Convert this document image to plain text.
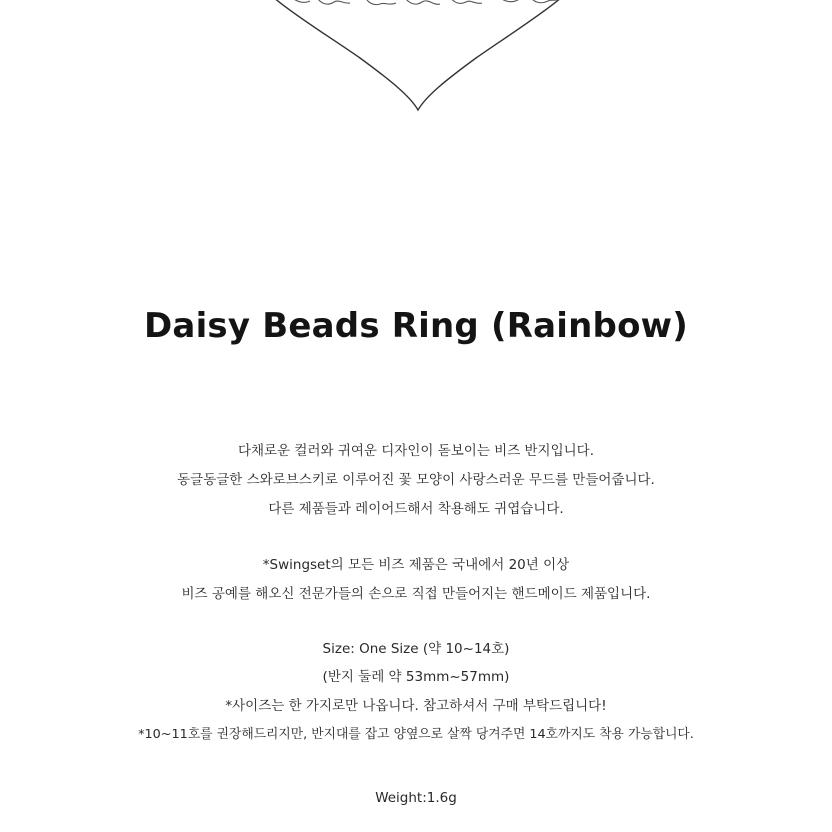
Daisy Beads Ring (Rainbow)
다채로운 컬러와 귀여운 디자인이 돋보이는 비즈 반지입니다.
동글동글한 스와로브스키로 이루어진 꽃 모양이 사랑스러운 무드를 만들어줍니다.
다른 제품들과 레이어드해서 착용해도 귀엽습니다.
*Swingset의 모든 비즈 제품은 국내에서 20년 이상
비즈 공예를 해오신 전문가들의 손으로 직접 만들어지는 핸드메이드 제품입니다.
Size: One Size (약 10~14호)
(반지 둘레 약 53mm~57mm)
*사이즈는 한 가지로만 나옵니다. 참고하셔서 구매 부탁드립니다!
*10~11호를 권장해드리지만, 반지대를 잡고 양옆으로 살짝 당겨주면 14호까지도 착용 가능합니다.
Weight:1.6g
